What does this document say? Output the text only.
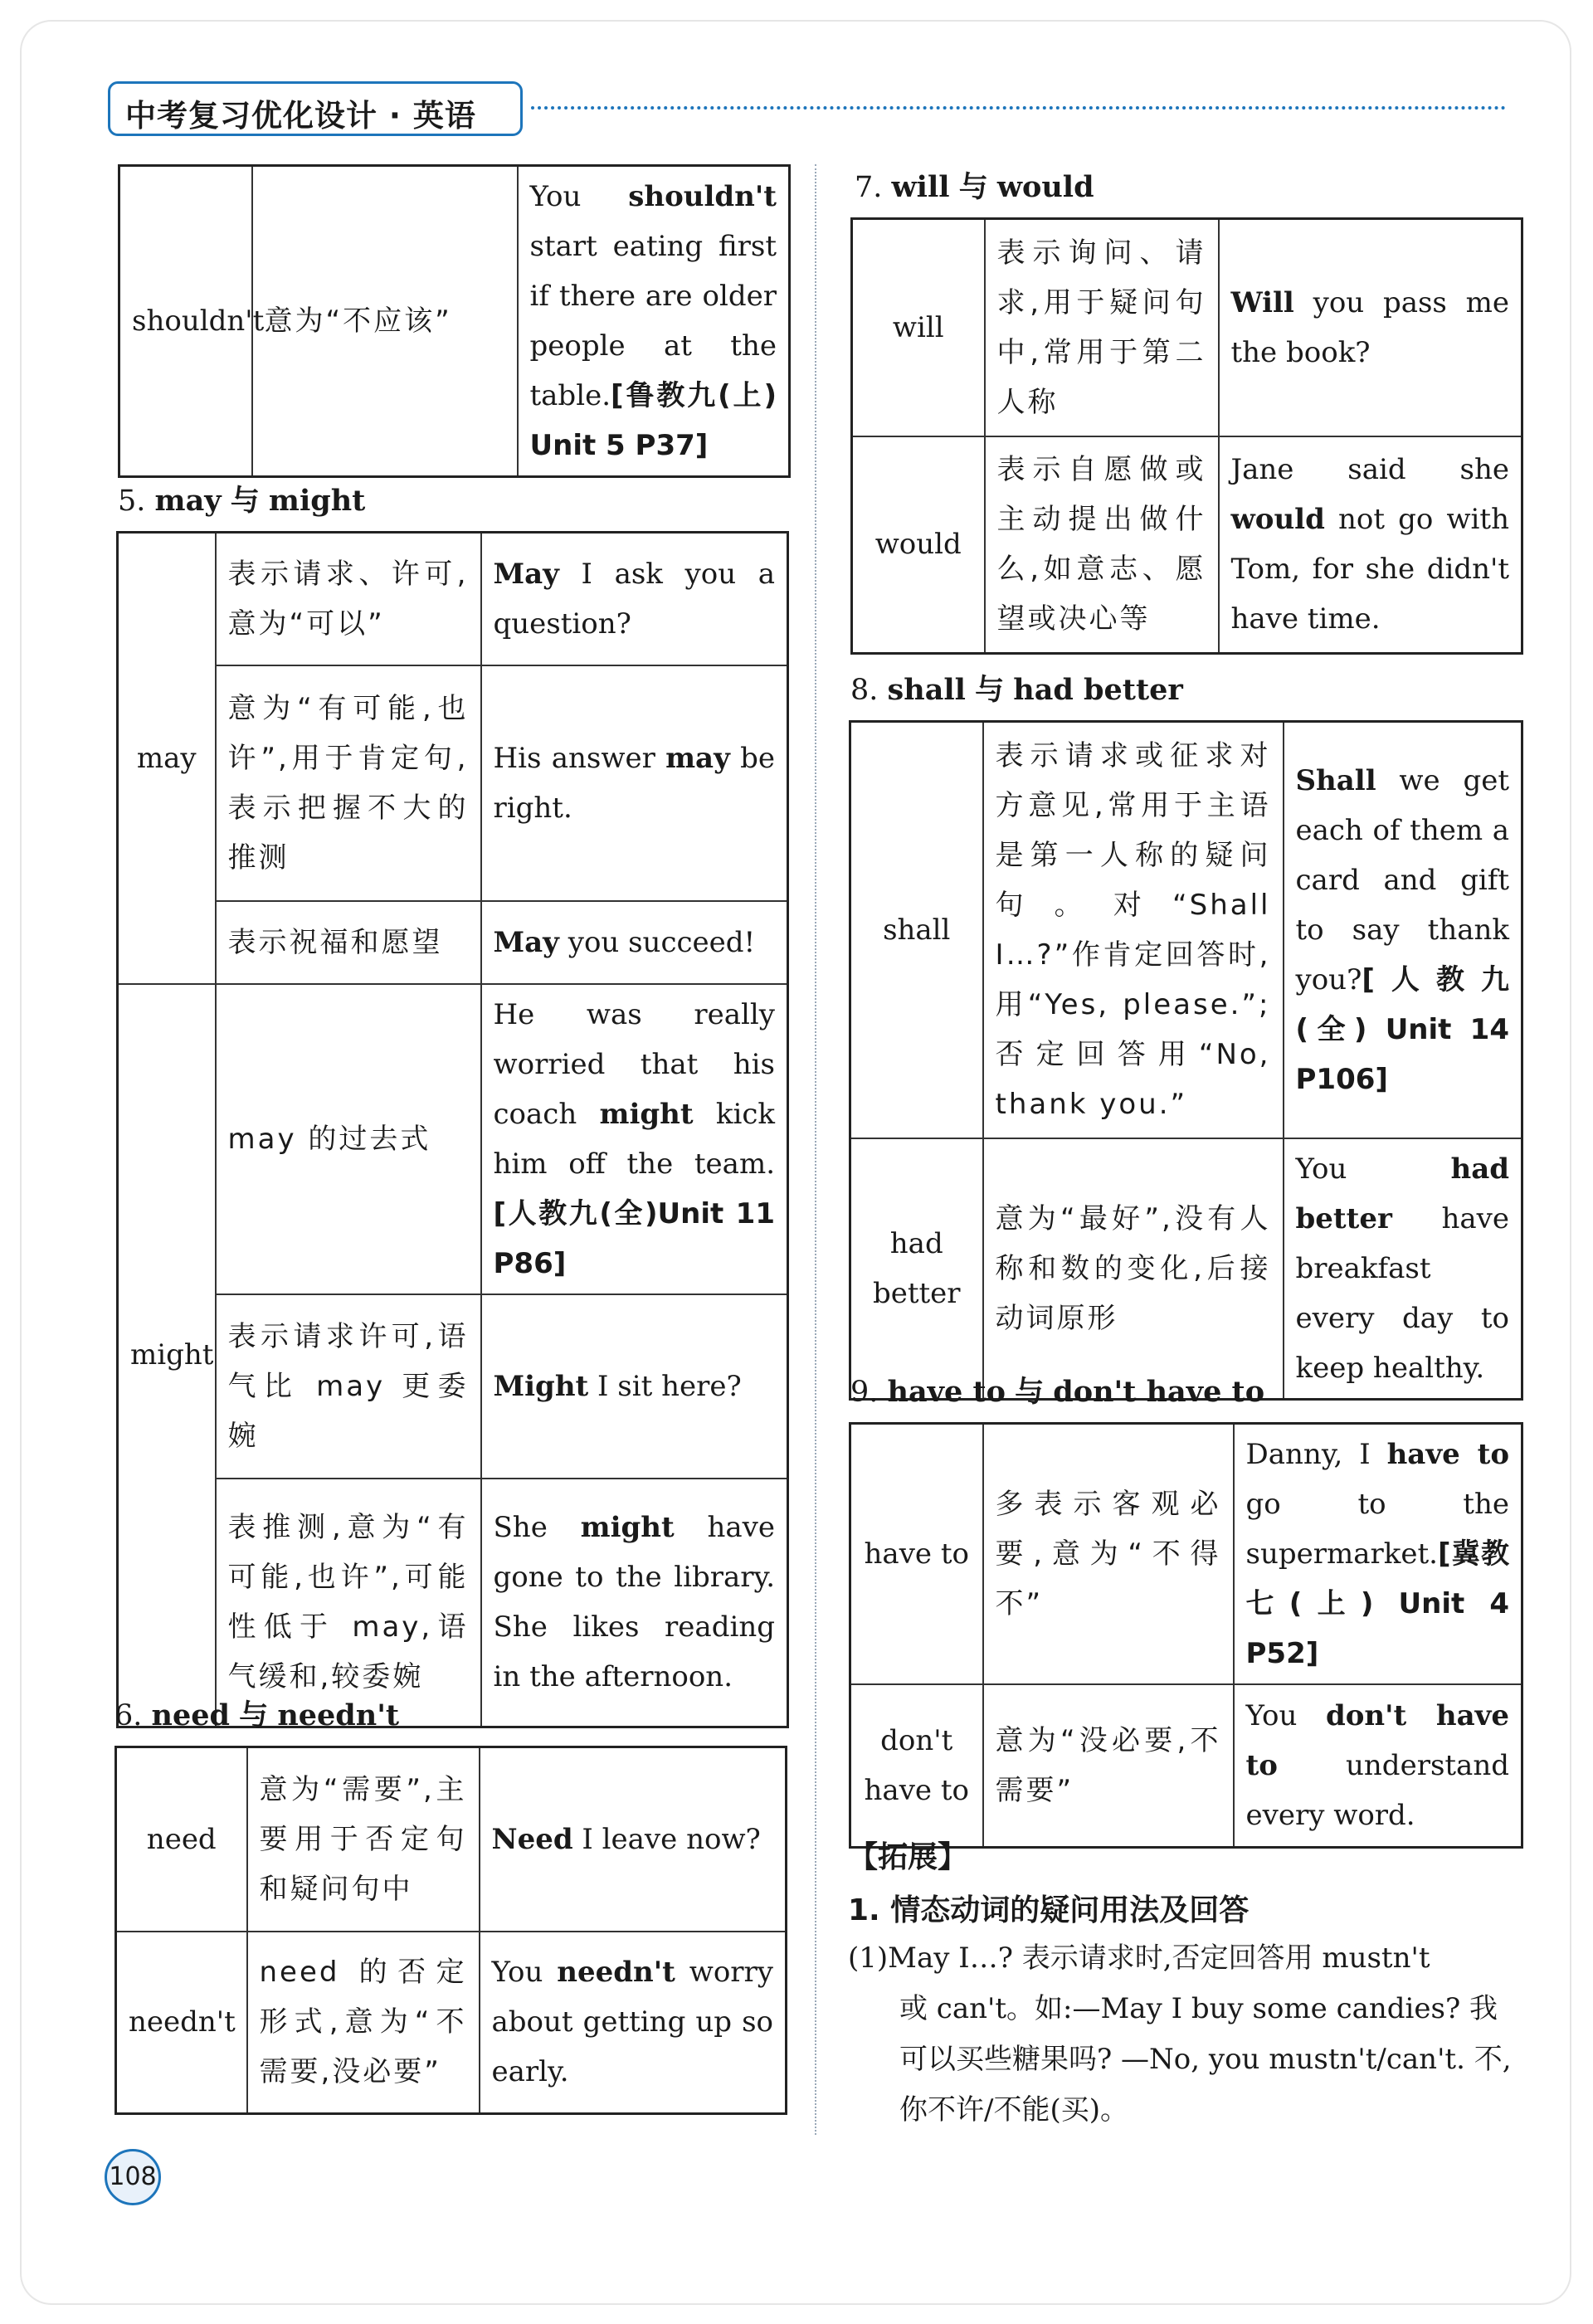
中考复习优化设计 · 英语
shouldn't	意为“不应该”	You shouldn't start eating first if there are older people at the table.[鲁教九(上) Unit 5 P37]
5. may 与 might
may	表示请求、许可,意为“可以”	May I ask you a question?
	意为“有可能,也许”,用于肯定句,表示把握不大的推测	His answer may be right.
	表示祝福和愿望	May you succeed!
might	may 的过去式	He was really worried that his coach might kick him off the team.[人教九(全)Unit 11 P86]
	表示请求许可,语气比 may 更委婉	Might I sit here?
	表推测,意为“有可能,也许”,可能性低于 may,语气缓和,较委婉	She might have gone to the library. She likes reading in the afternoon.
6. need 与 needn't
need	意为“需要”,主要用于否定句和疑问句中	Need I leave now?
needn't	need 的否定形式,意为“不需要,没必要”	You needn't worry about getting up so early.
7. will 与 would
will	表示询问、请求,用于疑问句中,常用于第二人称	Will you pass me the book?
would	表示自愿做或主动提出做什么,如意志、愿望或决心等	Jane said she would not go with Tom, for she didn't have time.
8. shall 与 had better
shall	表示请求或征求对方意见,常用于主语是第一人称的疑问句。对“Shall I…?”作肯定回答时,用“Yes, please.”;否定回答用“No, thank you.”	Shall we get each of them a card and gift to say thank you?[人教九(全) Unit 14 P106]
had better	意为“最好”,没有人称和数的变化,后接动词原形	You had better have breakfast every day to keep healthy.
9. have to 与 don't have to
have to	多表示客观必要,意为“不得不”	Danny, I have to go to the supermarket.[冀教七(上) Unit 4 P52]
don't have to	意为“没必要,不需要”	You don't have to understand every word.
【拓展】
1. 情态动词的疑问用法及回答
(1)May I…? 表示请求时,否定回答用 mustn't
或 can't。如:—May I buy some candies? 我可以买些糖果吗? —No, you mustn't/can't. 不,你不许/不能(买)。
108
